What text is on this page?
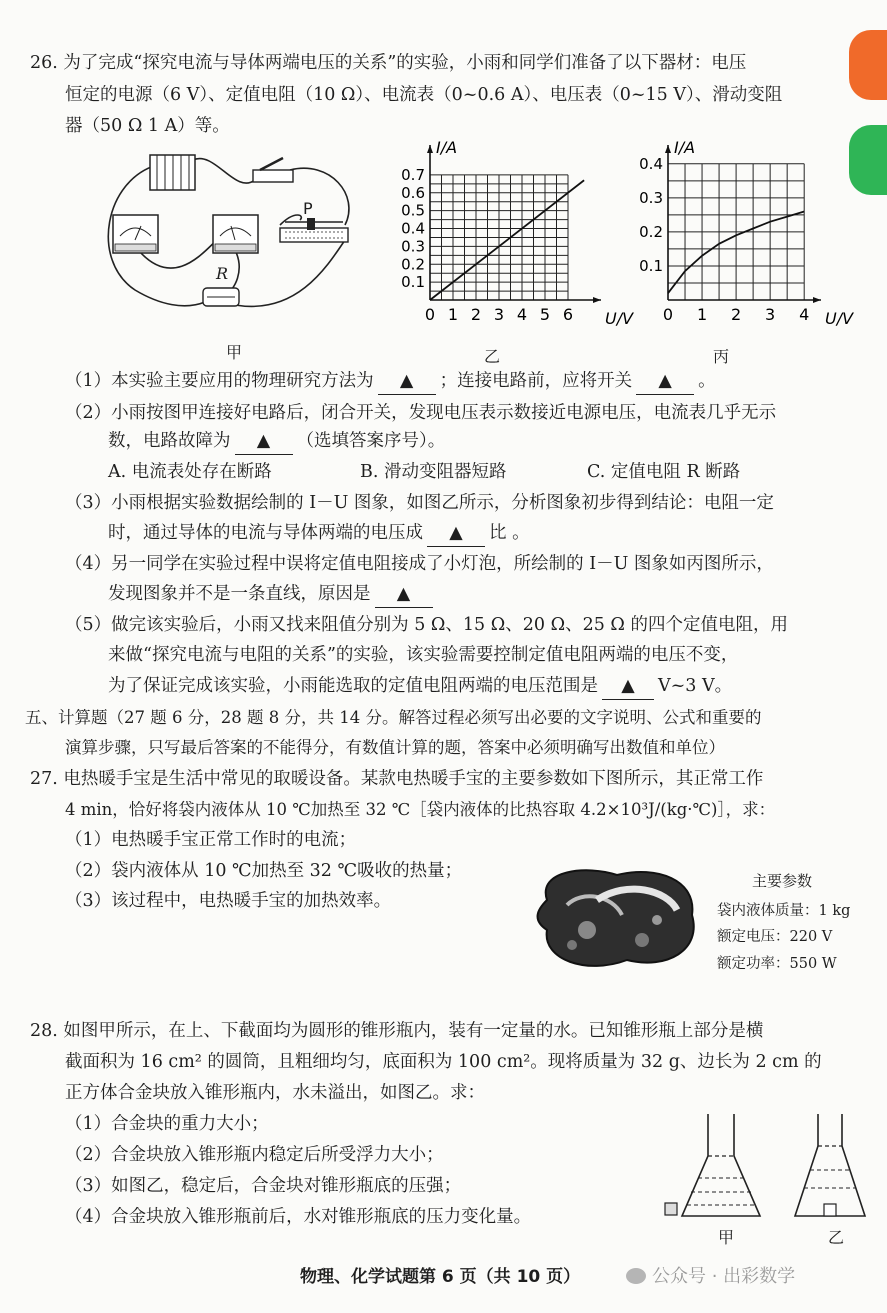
26. 为了完成“探究电流与导体两端电压的关系”的实验，小雨和同学们准备了以下器材：电压
恒定的电源（6 V）、定值电阻（10 Ω）、电流表（0~0.6 A）、电压表（0~15 V）、滑动变阻
器（50 Ω 1 A）等。
P
R
甲
0 1 2 3 4 5 6
0.1
0.2
0.3
0.4
0.5
0.6
0.7
I/A
U/V
乙
0 1 2 3 4
0.1
0.2
0.3
0.4
I/A
U/V
丙
（1）本实验主要应用的物理研究方法为 ▲ ；连接电路前，应将开关 ▲ 。
（2）小雨按图甲连接好电路后，闭合开关，发现电压表示数接近电源电压，电流表几乎无示
数，电路故障为 ▲ （选填答案序号）。
A. 电流表处存在断路	B. 滑动变阻器短路	C. 定值电阻 R 断路
（3）小雨根据实验数据绘制的 I－U 图象，如图乙所示，分析图象初步得到结论：电阻一定
时，通过导体的电流与导体两端的电压成 ▲ 比 。
（4）另一同学在实验过程中误将定值电阻接成了小灯泡，所绘制的 I－U 图象如丙图所示，
发现图象并不是一条直线，原因是 ▲
（5）做完该实验后，小雨又找来阻值分别为 5 Ω、15 Ω、20 Ω、25 Ω 的四个定值电阻，用
来做“探究电流与电阻的关系”的实验，该实验需要控制定值电阻两端的电压不变，
为了保证完成该实验，小雨能选取的定值电阻两端的电压范围是 ▲ V~3 V。
五、计算题（27 题 6 分，28 题 8 分，共 14 分。解答过程必须写出必要的文字说明、公式和重要的
演算步骤，只写最后答案的不能得分，有数值计算的题，答案中必须明确写出数值和单位）
27. 电热暖手宝是生活中常见的取暖设备。某款电热暖手宝的主要参数如下图所示，其正常工作
4 min，恰好将袋内液体从 10 ℃加热至 32 ℃［袋内液体的比热容取 4.2×10³J/(kg·℃)］，求：
（1）电热暖手宝正常工作时的电流；
（2）袋内液体从 10 ℃加热至 32 ℃吸收的热量；
（3）该过程中，电热暖手宝的加热效率。
主要参数
袋内液体质量：1 kg
额定电压：220 V
额定功率：550 W
28. 如图甲所示，在上、下截面均为圆形的锥形瓶内，装有一定量的水。已知锥形瓶上部分是横
截面积为 16 cm² 的圆筒，且粗细均匀，底面积为 100 cm²。现将质量为 32 g、边长为 2 cm 的
正方体合金块放入锥形瓶内，水未溢出，如图乙。求：
（1）合金块的重力大小；
（2）合金块放入锥形瓶内稳定后所受浮力大小；
（3）如图乙，稳定后，合金块对锥形瓶底的压强；
（4）合金块放入锥形瓶前后，水对锥形瓶底的压力变化量。
甲	乙
物理、化学试题第 6 页（共 10 页）	公众号 · 出彩数学
